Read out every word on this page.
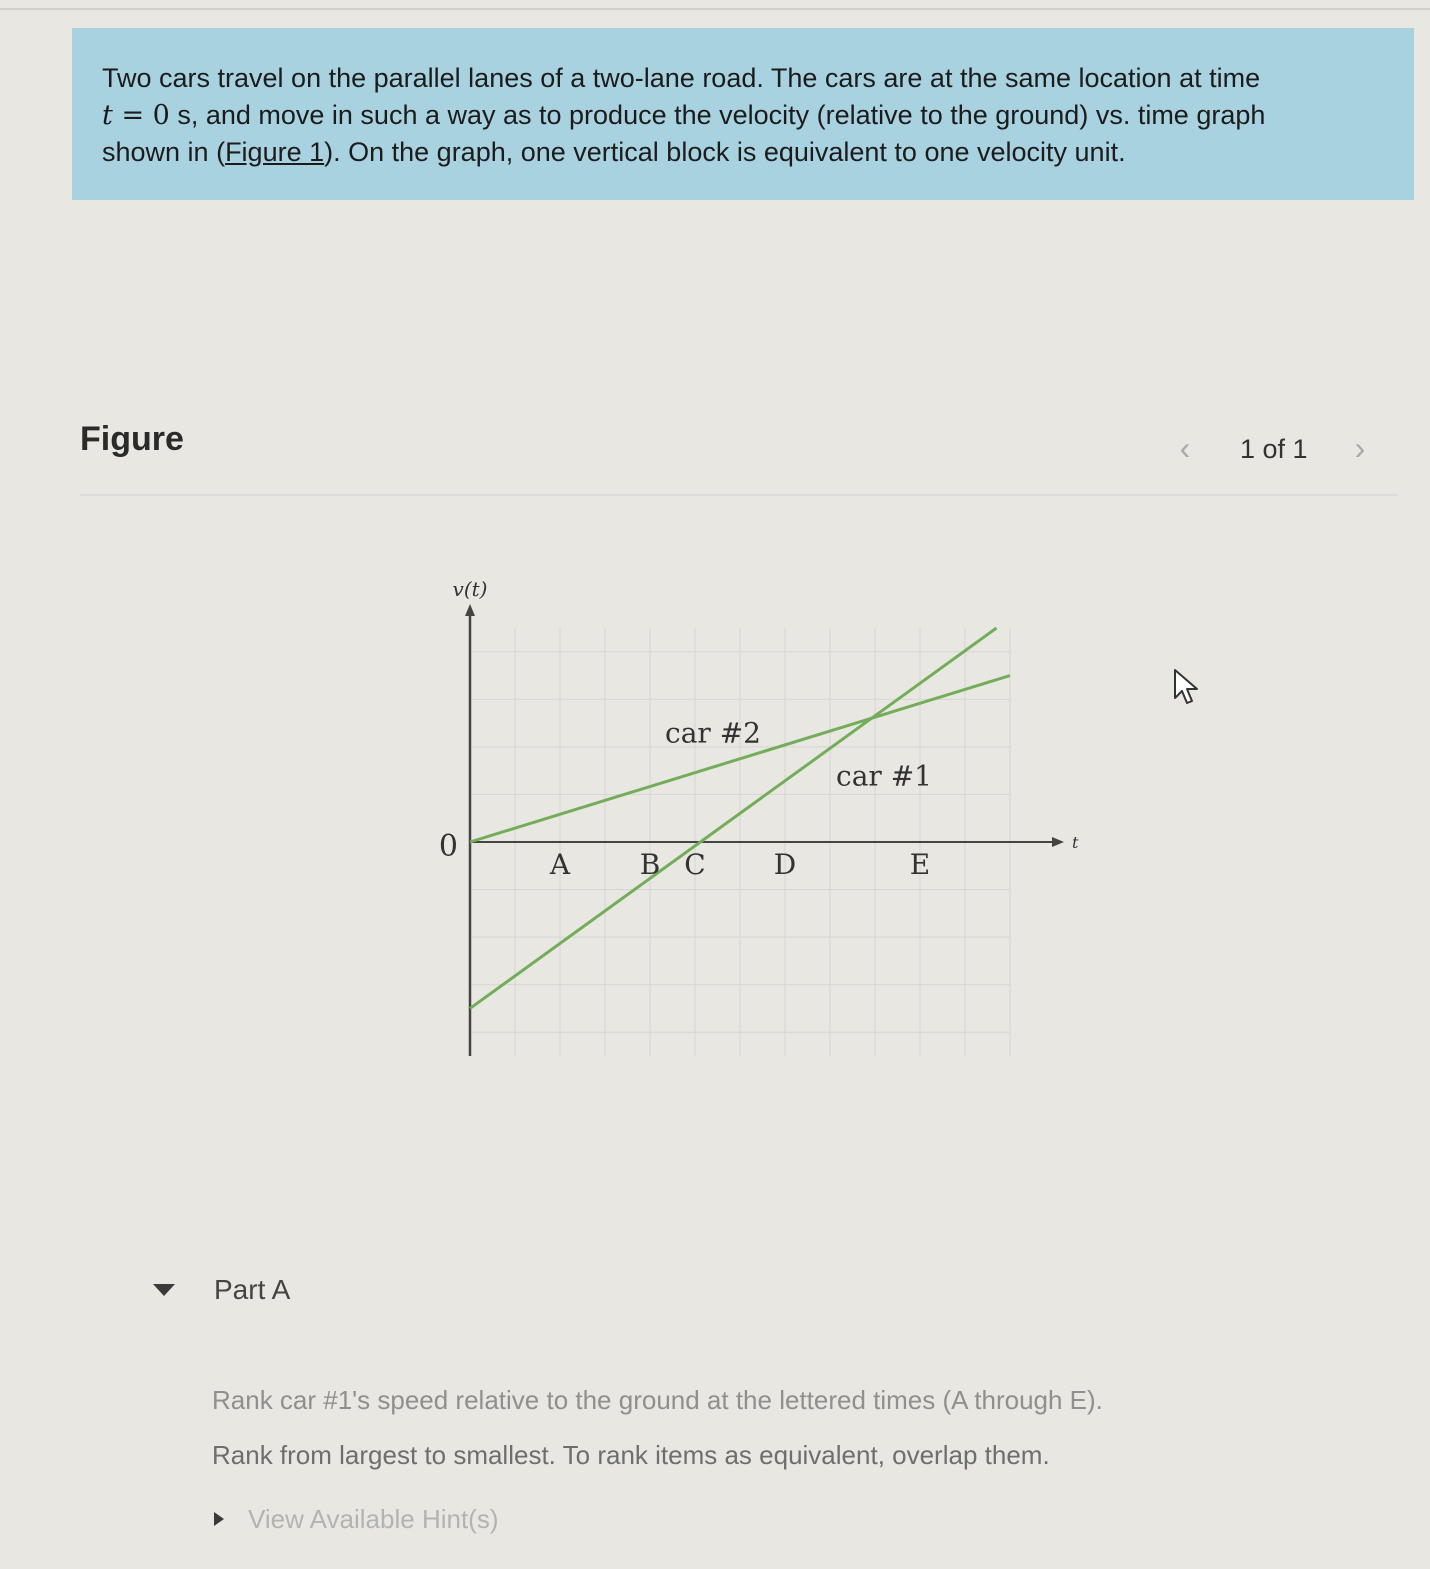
Two cars travel on the parallel lanes of a two-lane road. The cars are at the same location at time
t = 0 s, and move in such a way as to produce the velocity (relative to the ground) vs. time graph
shown in (Figure 1). On the graph, one vertical block is equivalent to one velocity unit.
Figure	‹	1 of 1	›
v(t)
t
0
car #2
car #1
A B C D	E
Part A
Rank car #1's speed relative to the ground at the lettered times (A through E).
Rank from largest to smallest. To rank items as equivalent, overlap them.
View Available Hint(s)
